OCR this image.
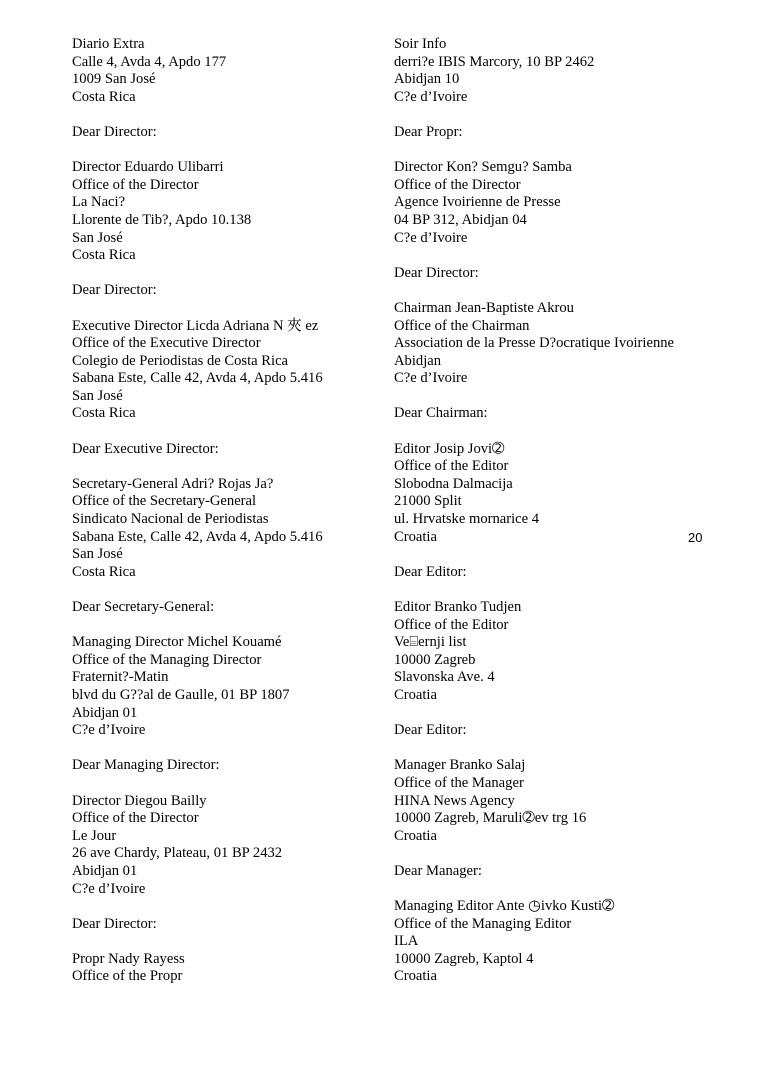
Diario Extra
Calle 4, Avda 4, Apdo 177
1009 San José
Costa Rica
Dear Director:
Director Eduardo Ulibarri
Office of the Director
La Naci?
Llorente de Tib?, Apdo 10.138
San José
Costa Rica
Dear Director:
Executive Director Licda Adriana N 夾 ez
Office of the Executive Director
Colegio de Periodistas de Costa Rica
Sabana Este, Calle 42, Avda 4, Apdo 5.416
San José
Costa Rica
Dear Executive Director:
Secretary-General Adri? Rojas Ja?
Office of the Secretary-General
Sindicato Nacional de Periodistas
Sabana Este, Calle 42, Avda 4, Apdo 5.416
San José
Costa Rica
Dear Secretary-General:
Managing Director Michel Kouamé
Office of the Managing Director
Fraternit?-Matin
blvd du G??al de Gaulle, 01 BP 1807
Abidjan 01
C?e d’Ivoire
Dear Managing Director:
Director Diegou Bailly
Office of the Director
Le Jour
26 ave Chardy, Plateau, 01 BP 2432
Abidjan 01
C?e d’Ivoire
Dear Director:
Propr Nady Rayess
Office of the Propr
Soir Info
derri?e IBIS Marcory, 10 BP 2462
Abidjan 10
C?e d’Ivoire
Dear Propr:
Director Kon? Semgu? Samba
Office of the Director
Agence Ivoirienne de Presse
04 BP 312, Abidjan 04
C?e d’Ivoire
Dear Director:
Chairman Jean-Baptiste Akrou
Office of the Chairman
Association de la Presse D?ocratique Ivoirienne
Abidjan
C?e d’Ivoire
Dear Chairman:
Editor Josip Jovi➁
Office of the Editor
Slobodna Dalmacija
21000 Split
ul. Hrvatske mornarice 4
Croatia
Dear Editor:
Editor Branko Tudjen
Office of the Editor
Ve⌸ernji list
10000 Zagreb
Slavonska Ave. 4
Croatia
Dear Editor:
Manager Branko Salaj
Office of the Manager
HINA News Agency
10000 Zagreb, Maruli➁ev trg 16
Croatia
Dear Manager:
Managing Editor Ante ◷ivko Kusti➁
Office of the Managing Editor
ILA
10000 Zagreb, Kaptol 4
Croatia
20
